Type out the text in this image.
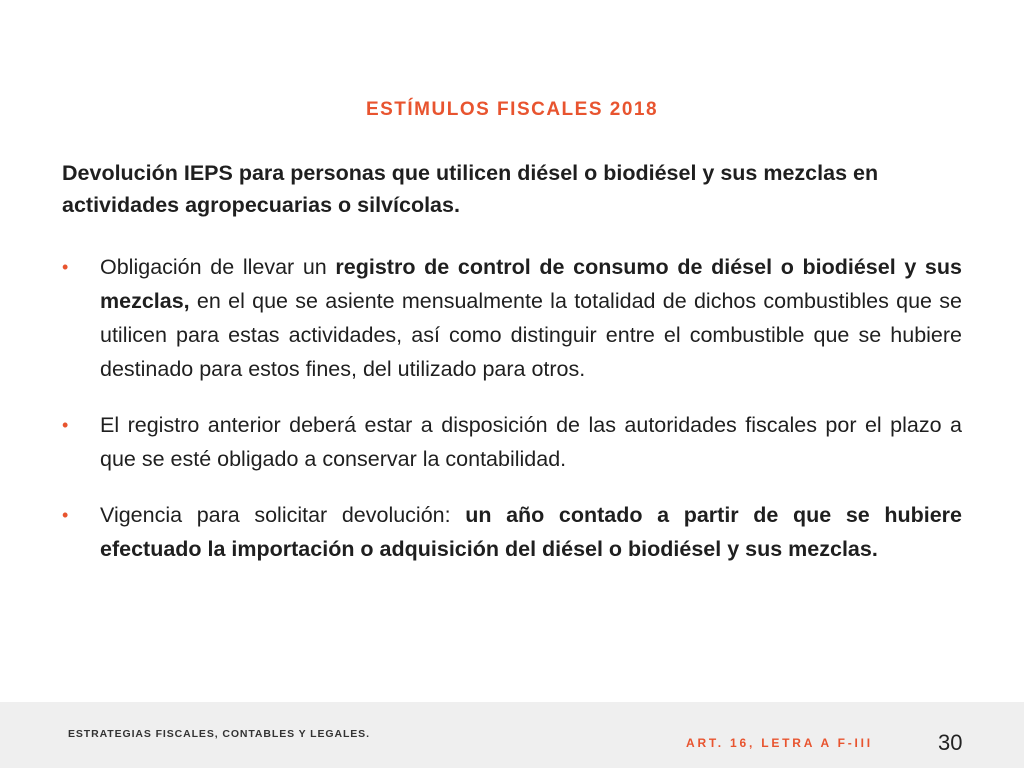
ESTÍMULOS FISCALES 2018
Devolución IEPS para personas que utilicen diésel o biodiésel y sus mezclas en actividades agropecuarias o silvícolas.
• Obligación de llevar un registro de control de consumo de diésel o biodiésel y sus mezclas, en el que se asiente mensualmente la totalidad de dichos combustibles que se utilicen para estas actividades, así como distinguir entre el combustible que se hubiere destinado para estos fines, del utilizado para otros.
• El registro anterior deberá estar a disposición de las autoridades fiscales por el plazo a que se esté obligado a conservar la contabilidad.
• Vigencia para solicitar devolución: un año contado a partir de que se hubiere efectuado la importación o adquisición del diésel o biodiésel y sus mezclas.
ESTRATEGIAS FISCALES, CONTABLES Y LEGALES.
ART. 16, LETRA A F-III	30
